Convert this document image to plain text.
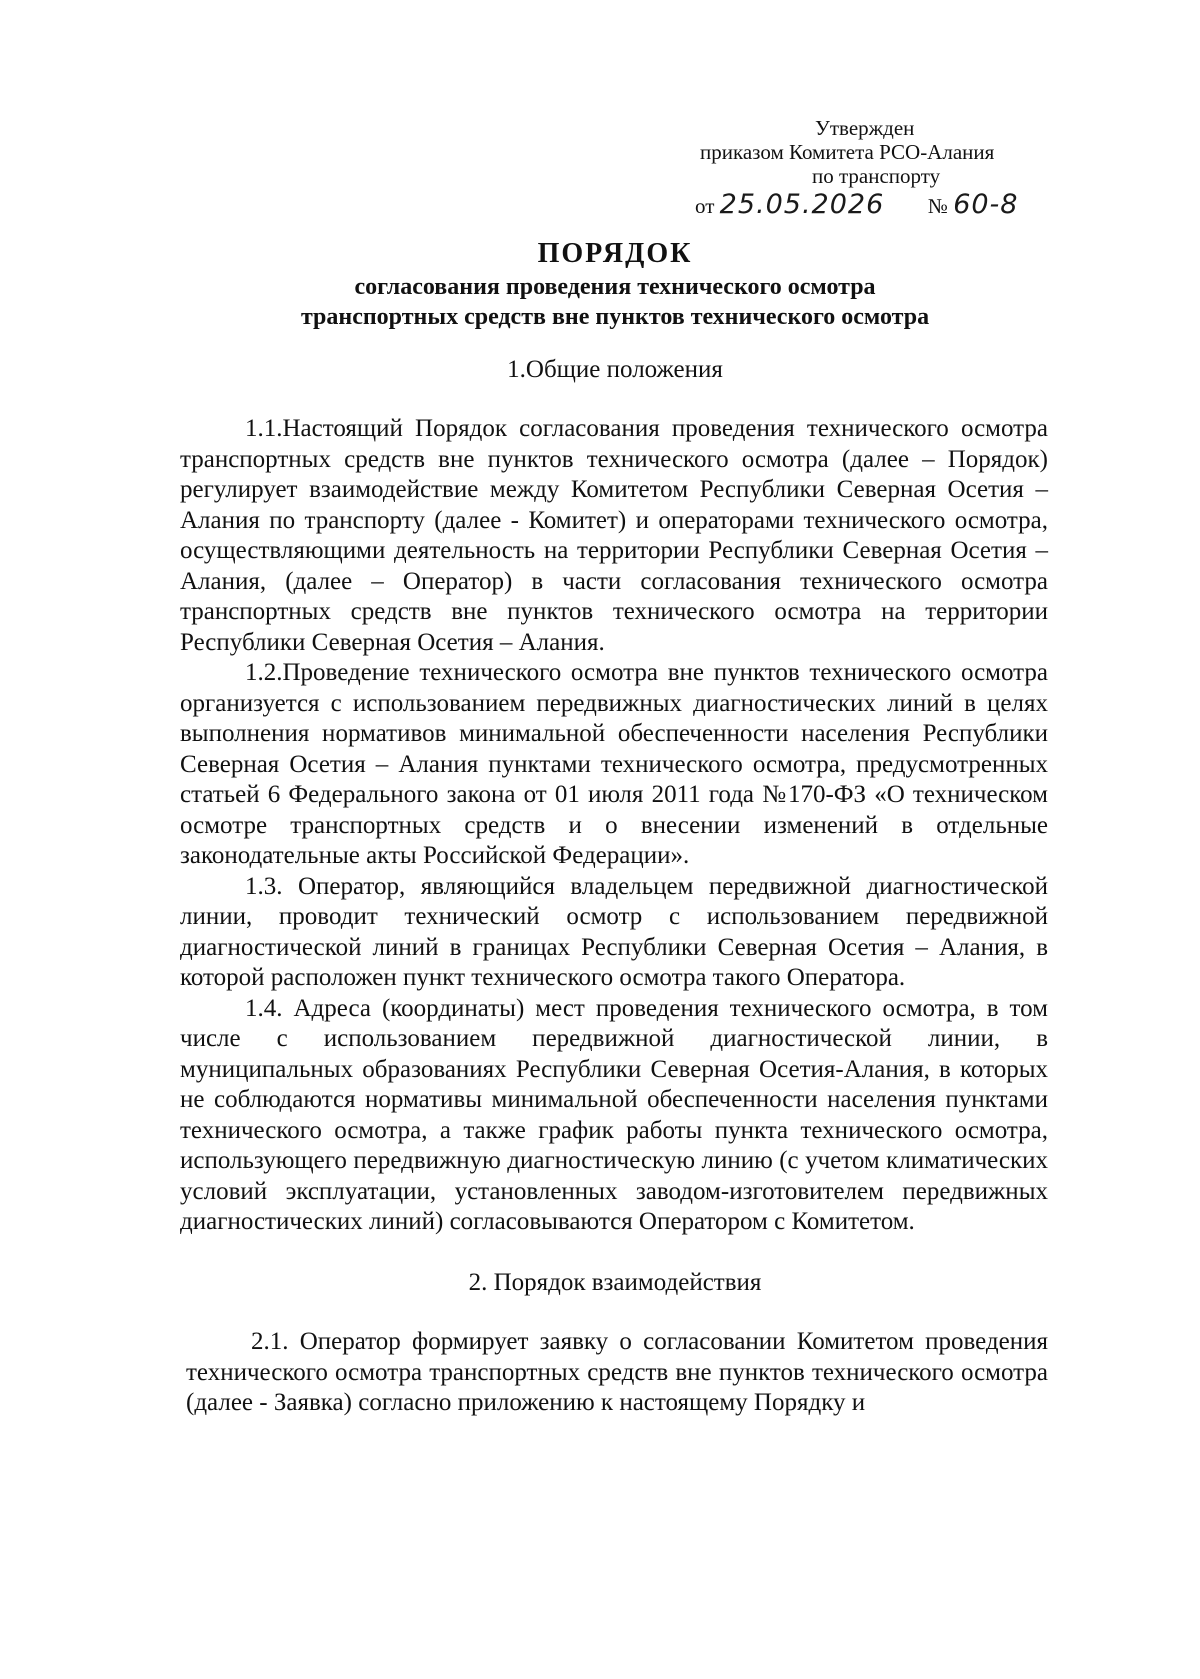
Утвержден
приказом Комитета РСО-Алания
по транспорту
от 25.05.2026 № 60-8
ПОРЯДОК
согласования проведения технического осмотра
транспортных средств вне пунктов технического осмотра
1.Общие положения

1.1.Настоящий Порядок согласования проведения технического осмотра транспортных средств вне пунктов технического осмотра (далее – Порядок) регулирует взаимодействие между Комитетом Республики Северная Осетия – Алания по транспорту (далее - Комитет) и операторами технического осмотра, осуществляющими деятельность на территории Республики Северная Осетия – Алания, (далее – Оператор) в части согласования технического осмотра транспортных средств вне пунктов технического осмотра на территории Республики Северная Осетия – Алания.

1.2.Проведение технического осмотра вне пунктов технического осмотра организуется с использованием передвижных диагностических линий в целях выполнения нормативов минимальной обеспеченности населения Республики Северная Осетия – Алания пунктами технического осмотра, предусмотренных статьей 6 Федерального закона от 01 июля 2011 года №170-ФЗ «О техническом осмотре транспортных средств и о внесении изменений в отдельные законодательные акты Российской Федерации».

1.3. Оператор, являющийся владельцем передвижной диагностической линии, проводит технический осмотр с использованием передвижной диагностической линий в границах Республики Северная Осетия – Алания, в которой расположен пункт технического осмотра такого Оператора.

1.4. Адреса (координаты) мест проведения технического осмотра, в том числе с использованием передвижной диагностической линии, в муниципальных образованиях Республики Северная Осетия-Алания, в которых не соблюдаются нормативы минимальной обеспеченности населения пунктами технического осмотра, а также график работы пункта технического осмотра, использующего передвижную диагностическую линию (с учетом климатических условий эксплуатации, установленных заводом-изготовителем передвижных диагностических линий) согласовываются Оператором с Комитетом.

2. Порядок взаимодействия

2.1. Оператор формирует заявку о согласовании Комитетом проведения технического осмотра транспортных средств вне пунктов технического осмотра (далее - Заявка) согласно приложению к настоящему Порядку и
